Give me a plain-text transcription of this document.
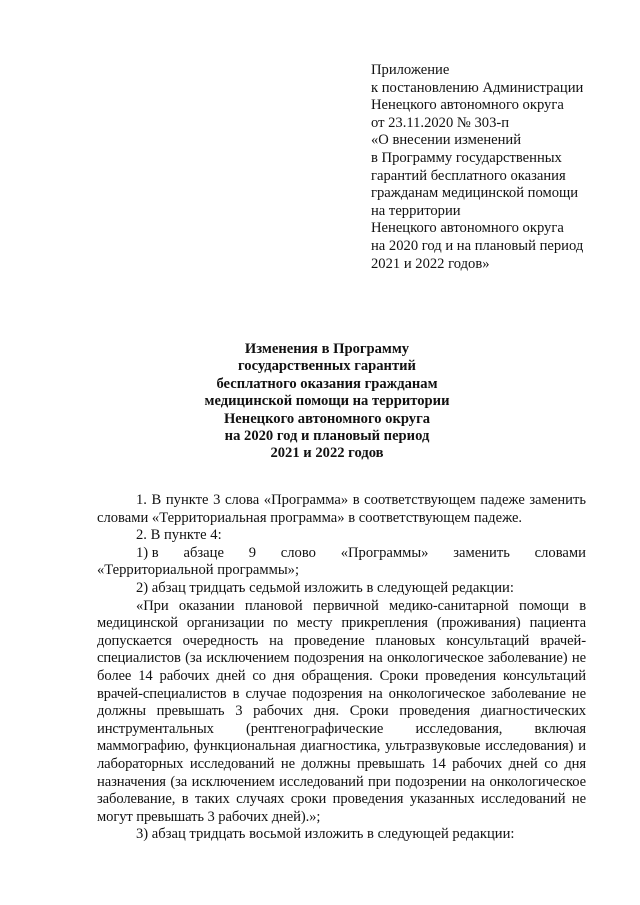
Приложение
к постановлению Администрации
Ненецкого автономного округа
от 23.11.2020 № 303-п
«О внесении изменений
в Программу государственных
гарантий бесплатного оказания
гражданам медицинской помощи
на территории
Ненецкого автономного округа
на 2020 год и на плановый период
2021 и 2022 годов»
Изменения в Программу
государственных гарантий
бесплатного оказания гражданам
медицинской помощи на территории
Ненецкого автономного округа
на 2020 год и плановый период
2021 и 2022 годов
1. В пункте 3 слова «Программа» в соответствующем падеже заменить словами «Территориальная программа» в соответствующем падеже.
2. В пункте 4:
1) в абзаце 9 слово «Программы» заменить словами
«Территориальной программы»;
2) абзац тридцать седьмой изложить в следующей редакции:
«При оказании плановой первичной медико-санитарной помощи в медицинской организации по месту прикрепления (проживания) пациента допускается очередность на проведение плановых консультаций врачей-специалистов (за исключением подозрения на онкологическое заболевание) не более 14 рабочих дней со дня обращения. Сроки проведения консультаций врачей-специалистов в случае подозрения на онкологическое заболевание не должны превышать 3 рабочих дня. Сроки проведения диагностических инструментальных (рентгенографические исследования, включая маммографию, функциональная диагностика, ультразвуковые исследования) и лабораторных исследований не должны превышать 14 рабочих дней со дня назначения (за исключением исследований при подозрении на онкологическое заболевание, в таких случаях сроки проведения указанных исследований не могут превышать 3 рабочих дней).»;
3) абзац тридцать восьмой изложить в следующей редакции:
